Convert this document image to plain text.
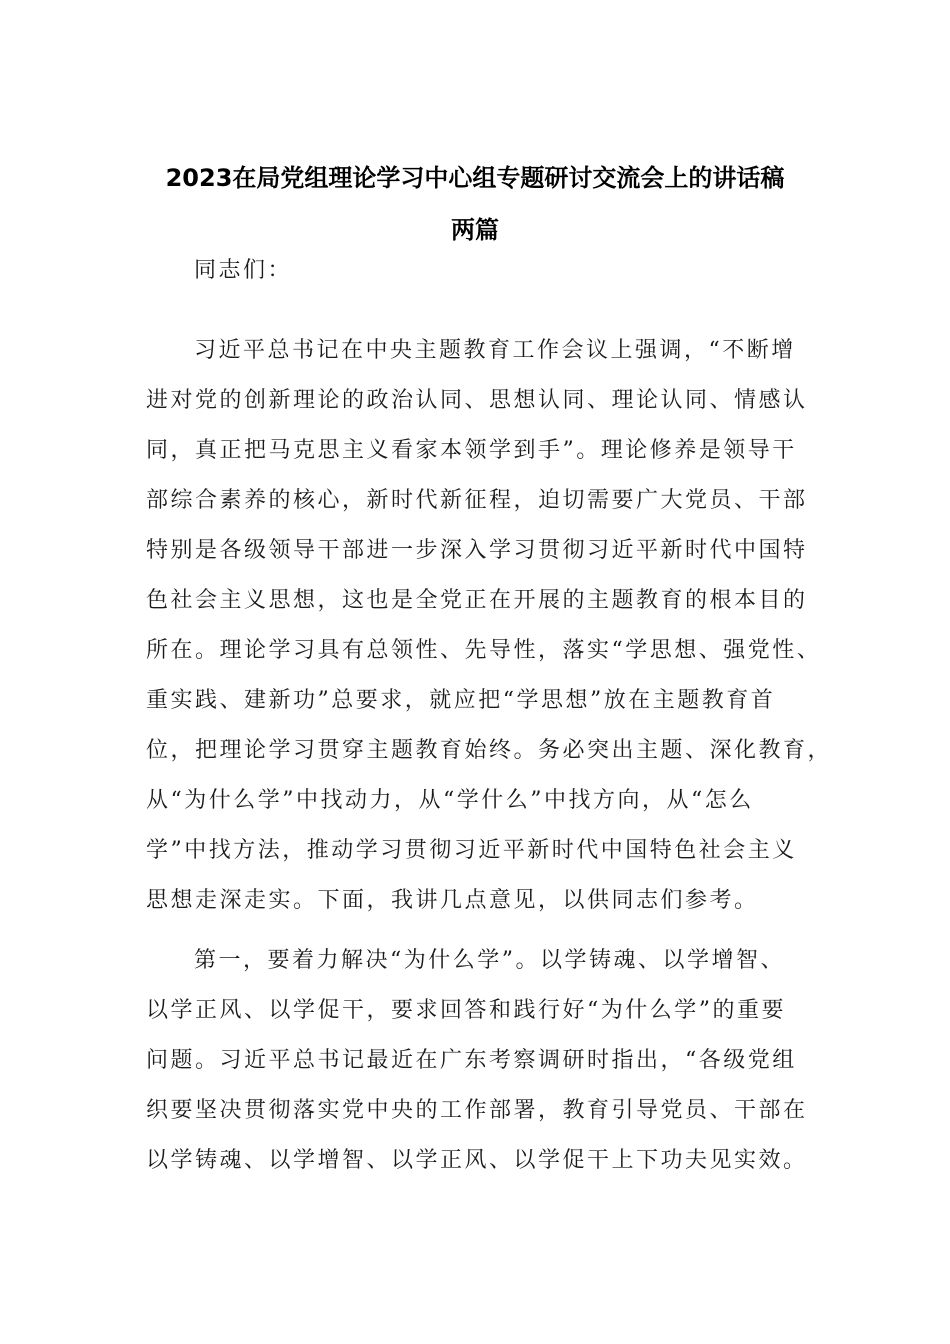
2023在局党组理论学习中心组专题研讨交流会上的讲话稿
两篇
同志们：
习近平总书记在中央主题教育工作会议上强调，“不断增
进对党的创新理论的政治认同、思想认同、理论认同、情感认
同，真正把马克思主义看家本领学到手”。理论修养是领导干
部综合素养的核心，新时代新征程，迫切需要广大党员、干部
特别是各级领导干部进一步深入学习贯彻习近平新时代中国特
色社会主义思想，这也是全党正在开展的主题教育的根本目的
所在。理论学习具有总领性、先导性，落实“学思想、强党性、
重实践、建新功”总要求，就应把“学思想”放在主题教育首
位，把理论学习贯穿主题教育始终。务必突出主题、深化教育，
从“为什么学”中找动力，从“学什么”中找方向，从“怎么
学”中找方法，推动学习贯彻习近平新时代中国特色社会主义
思想走深走实。下面，我讲几点意见，以供同志们参考。
第一，要着力解决“为什么学”。以学铸魂、以学增智、
以学正风、以学促干，要求回答和践行好“为什么学”的重要
问题。习近平总书记最近在广东考察调研时指出，“各级党组
织要坚决贯彻落实党中央的工作部署，教育引导党员、干部在
以学铸魂、以学增智、以学正风、以学促干上下功夫见实效。
